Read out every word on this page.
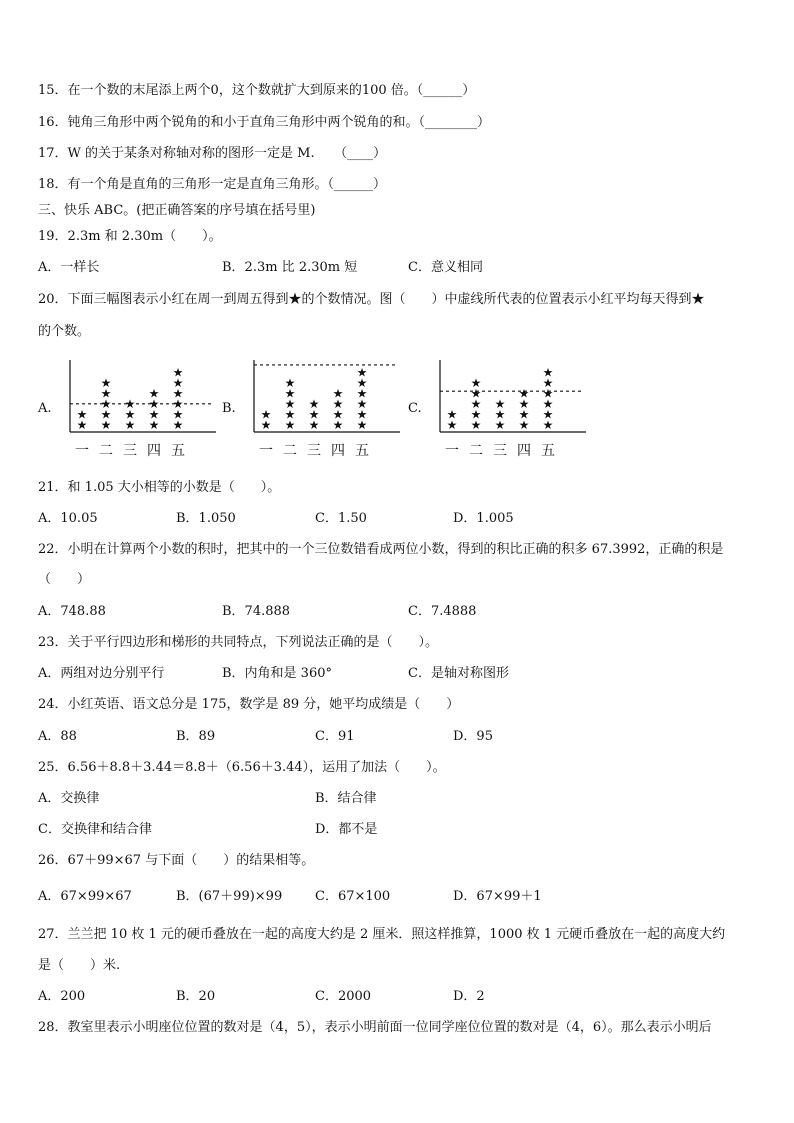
15．在一个数的末尾添上两个0，这个数就扩大到原来的100 倍。（______）
16．钝角三角形中两个锐角的和小于直角三角形中两个锐角的和。（________）
17．W 的关于某条对称轴对称的图形一定是 M.　　（____）
18．有一个角是直角的三角形一定是直角三角形。（______）
三、快乐 ABC。(把正确答案的序号填在括号里)
19．2.3m 和 2.30m（　　）。
A．一样长	B．2.3m 比 2.30m 短	C．意义相同
20．下面三幅图表示小红在周一到周五得到★的个数情况。图（　　）中虚线所代表的位置表示小红平均每天得到★
的个数。
A.
★
★
一
★
★
★
★
★
二
★
★
★
三
★
★
★
★
四
★
★
★
★
★
★
五
B.
★
★
一
★
★
★
★
★
二
★
★
★
三
★
★
★
★
四
★
★
★
★
★
★
五
C.
★
★
一
★
★
★
★
★
二
★
★
★
三
★
★
★
★
四
★
★
★
★
★
★
五
21．和 1.05 大小相等的小数是（　　）。
A．10.05	B．1.050	C．1.50	D．1.005
22．小明在计算两个小数的积时，把其中的一个三位数错看成两位小数，得到的积比正确的积多 67.3992，正确的积是
（　　）
A．748.88	B．74.888	C．7.4888
23．关于平行四边形和梯形的共同特点，下列说法正确的是（　　）。
A．两组对边分别平行	B．内角和是 360°	C．是轴对称图形
24．小红英语、语文总分是 175，数学是 89 分，她平均成绩是（　　）
A．88	B．89	C．91	D．95
25．6.56＋8.8＋3.44＝8.8＋（6.56＋3.44），运用了加法（　　）。
A．交换律	B．结合律
C．交换律和结合律	D．都不是
26．67＋99×67 与下面（　　）的结果相等。
A．67×99×67	B．(67＋99)×99	C．67×100	D．67×99＋1
27．兰兰把 10 枚 1 元的硬币叠放在一起的高度大约是 2 厘米．照这样推算，1000 枚 1 元硬币叠放在一起的高度大约
是（　　）米.
A．200	B．20	C．2000	D．2
28．教室里表示小明座位位置的数对是（4，5），表示小明前面一位同学座位位置的数对是（4，6）。那么表示小明后
